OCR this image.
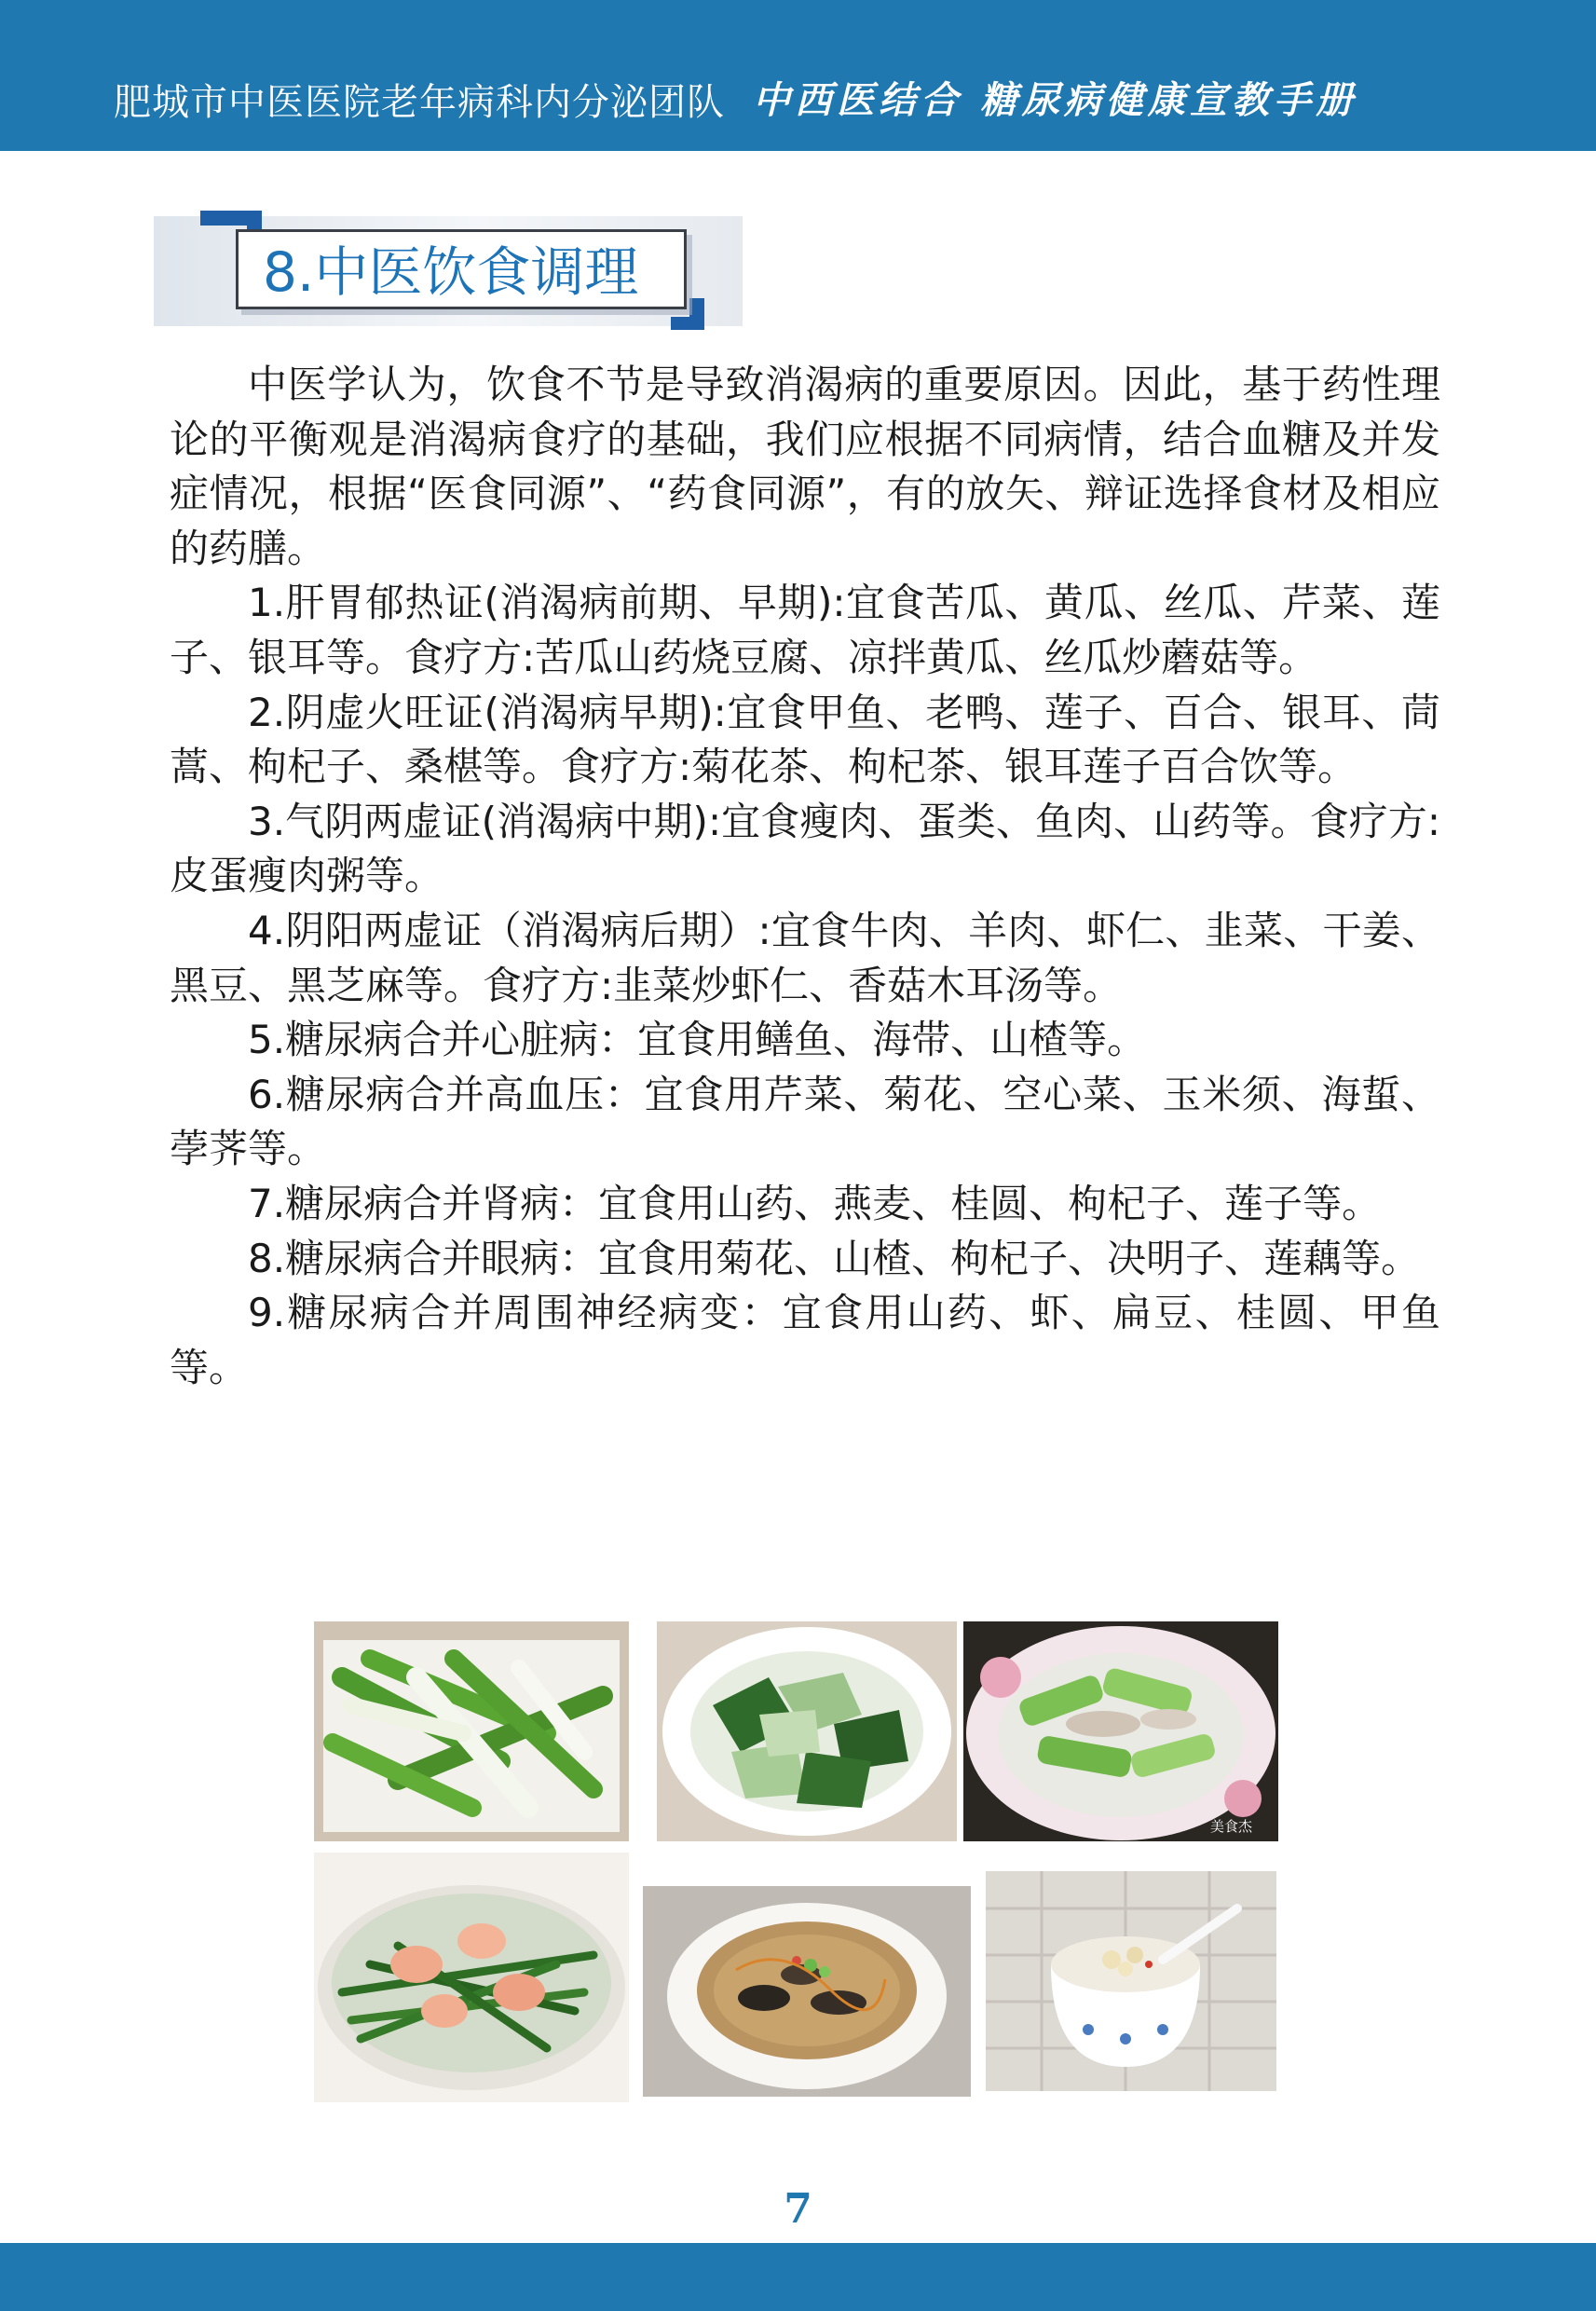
肥城市中医医院老年病科内分泌团队 中西医结合 糖尿病健康宣教手册
8.中医饮食调理

中医学认为，饮食不节是导致消渴病的重要原因。因此，基于药性理论的平衡观是消渴病食疗的基础，我们应根据不同病情，结合血糖及并发症情况，根据“医食同源”、“药食同源”，有的放矢、辩证选择食材及相应的药膳。

1.肝胃郁热证(消渴病前期、早期):宜食苦瓜、黄瓜、丝瓜、芹菜、莲子、银耳等。食疗方:苦瓜山药烧豆腐、凉拌黄瓜、丝瓜炒蘑菇等。

2.阴虚火旺证(消渴病早期):宜食甲鱼、老鸭、莲子、百合、银耳、茼蒿、枸杞子、桑椹等。食疗方:菊花茶、枸杞茶、银耳莲子百合饮等。

3.气阴两虚证(消渴病中期):宜食瘦肉、蛋类、鱼肉、山药等。食疗方:皮蛋瘦肉粥等。

4.阴阳两虚证（消渴病后期）:宜食牛肉、羊肉、虾仁、韭菜、干姜、黑豆、黑芝麻等。食疗方:韭菜炒虾仁、香菇木耳汤等。

5.糖尿病合并心脏病：宜食用鳝鱼、海带、山楂等。

6.糖尿病合并高血压：宜食用芹菜、菊花、空心菜、玉米须、海蜇、荸荠等。

7.糖尿病合并肾病：宜食用山药、燕麦、桂圆、枸杞子、莲子等。

8.糖尿病合并眼病：宜食用菊花、山楂、枸杞子、决明子、莲藕等。

9.糖尿病合并周围神经病变：宜食用山药、虾、扁豆、桂圆、甲鱼等。

美食杰
7
